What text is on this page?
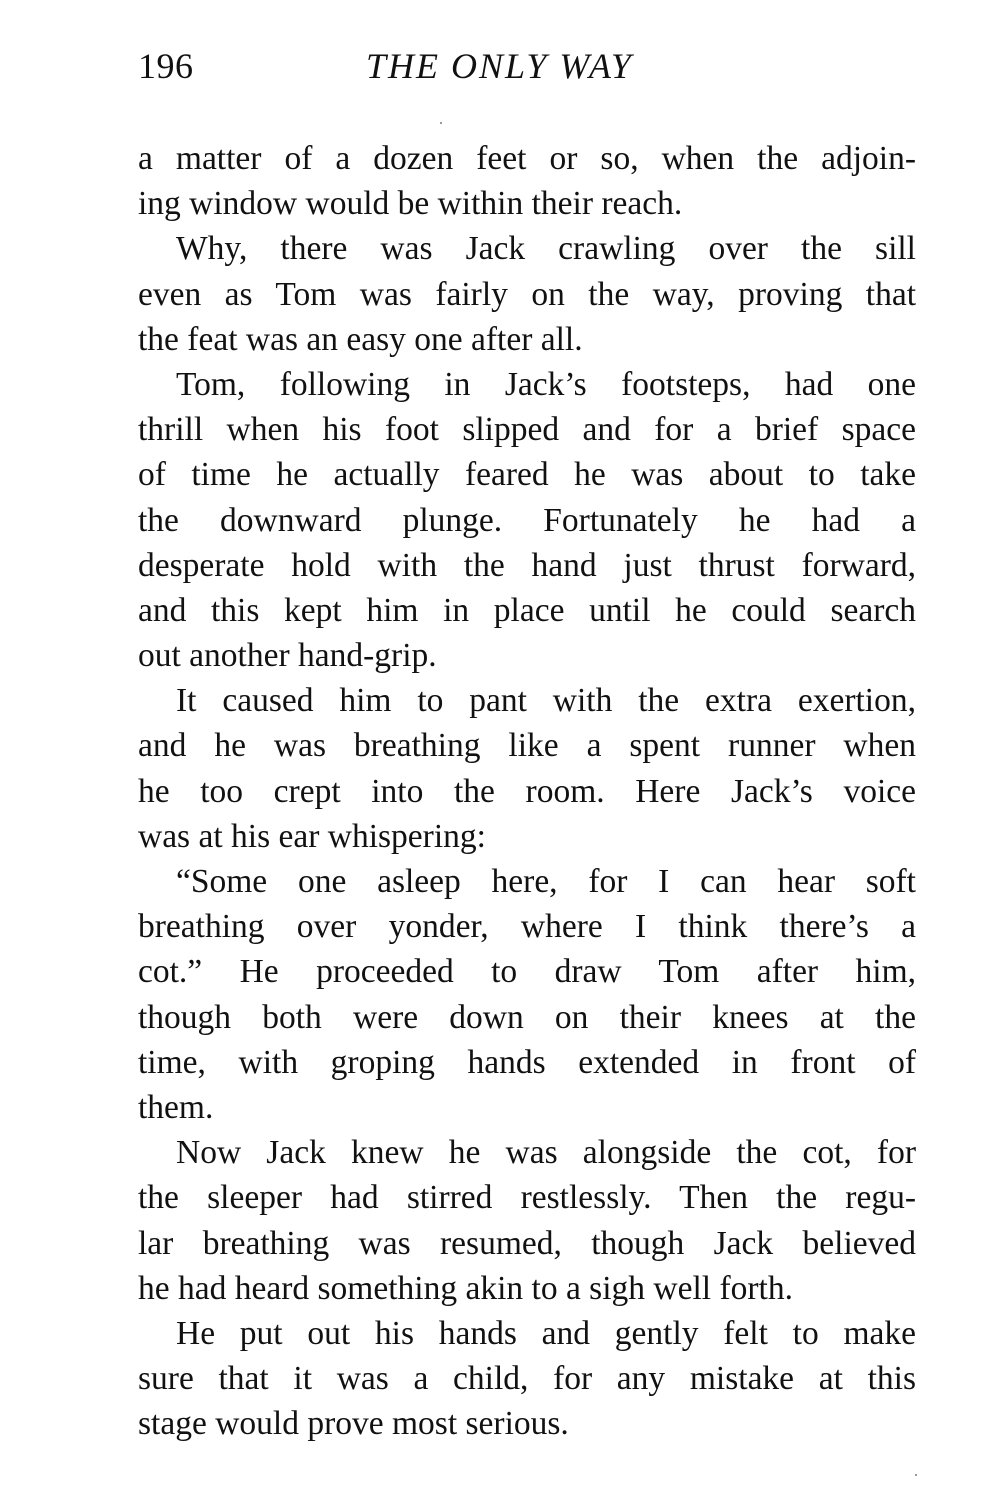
196	THE ONLY WAY
a matter of a dozen feet or so, when the adjoin-
ing window would be within their reach.
Why, there was Jack crawling over the sill
even as Tom was fairly on the way, proving that
the feat was an easy one after all.
Tom, following in Jack’s footsteps, had one
thrill when his foot slipped and for a brief space
of time he actually feared he was about to take
the downward plunge. Fortunately he had a
desperate hold with the hand just thrust forward,
and this kept him in place until he could search
out another hand-grip.
It caused him to pant with the extra exertion,
and he was breathing like a spent runner when
he too crept into the room. Here Jack’s voice
was at his ear whispering:
“Some one asleep here, for I can hear soft
breathing over yonder, where I think there’s a
cot.” He proceeded to draw Tom after him,
though both were down on their knees at the
time, with groping hands extended in front of
them.
Now Jack knew he was alongside the cot, for
the sleeper had stirred restlessly. Then the regu-
lar breathing was resumed, though Jack believed
he had heard something akin to a sigh well forth.
He put out his hands and gently felt to make
sure that it was a child, for any mistake at this
stage would prove most serious.
